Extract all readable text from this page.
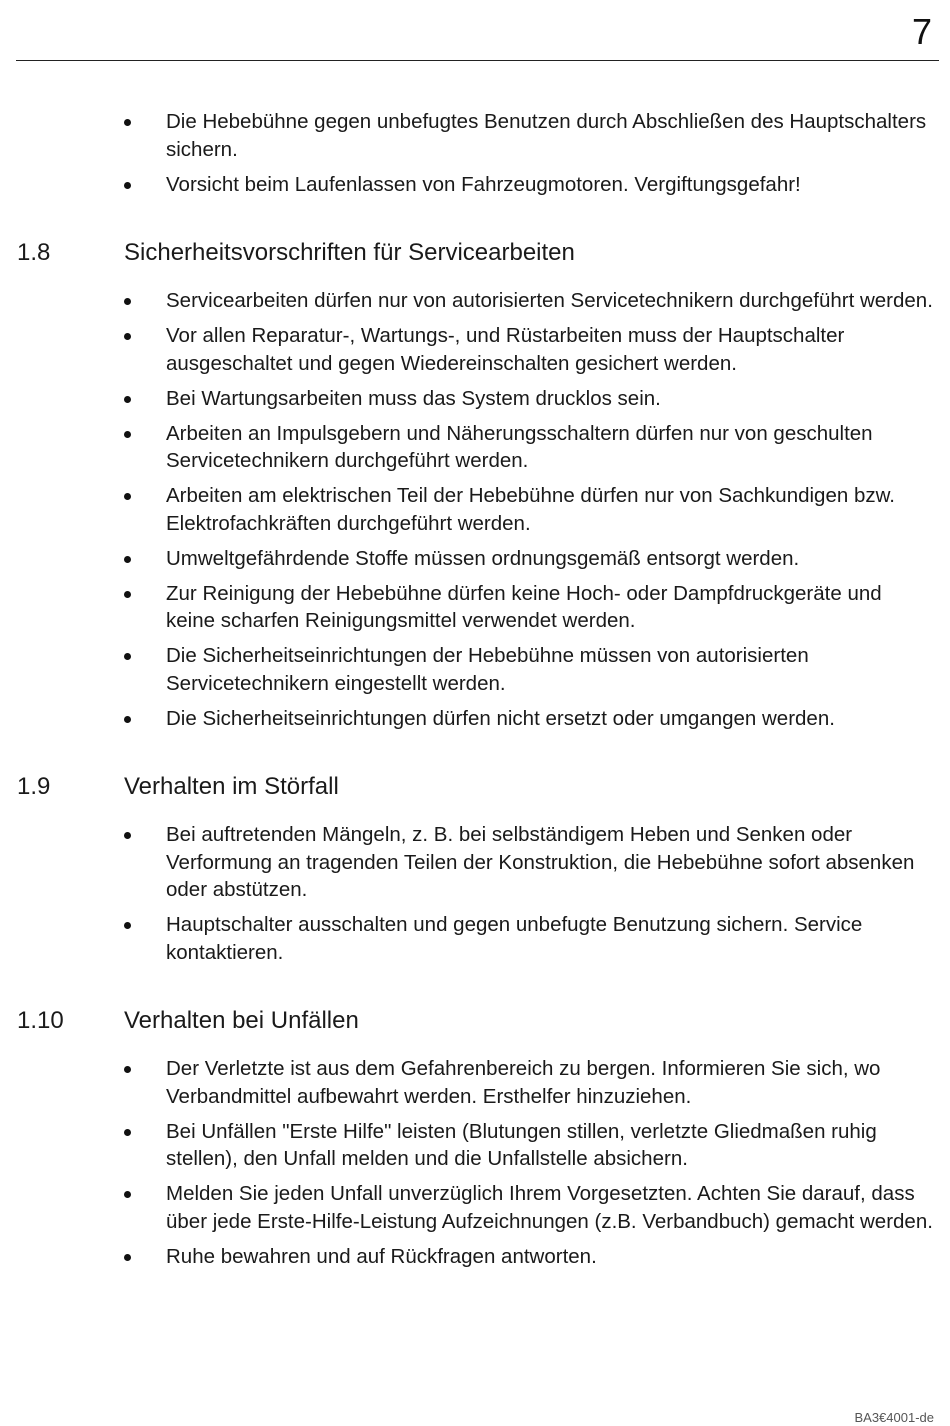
7
Die Hebebühne gegen unbefugtes Benutzen durch Abschließen des Hauptschalters sichern.
Vorsicht beim Laufenlassen von Fahrzeugmotoren. Vergiftungsgefahr!
1.8	Sicherheitsvorschriften für Servicearbeiten
Servicearbeiten dürfen nur von autorisierten Servicetechnikern durchgeführt werden.
Vor allen Reparatur-, Wartungs-, und Rüstarbeiten muss der Hauptschalter ausgeschaltet und gegen Wiedereinschalten gesichert werden.
Bei Wartungsarbeiten muss das System drucklos sein.
Arbeiten an Impulsgebern und Näherungsschaltern dürfen nur von geschulten Servicetechnikern durchgeführt werden.
Arbeiten am elektrischen Teil der Hebebühne dürfen nur von Sachkundigen bzw. Elektrofachkräften durchgeführt werden.
Umweltgefährdende Stoffe müssen ordnungsgemäß entsorgt werden.
Zur Reinigung der Hebebühne dürfen keine Hoch- oder Dampfdruckgeräte und keine scharfen Reinigungsmittel verwendet werden.
Die Sicherheitseinrichtungen der Hebebühne müssen von autorisierten Servicetechnikern eingestellt werden.
Die Sicherheitseinrichtungen dürfen nicht ersetzt oder umgangen werden.
1.9	Verhalten im Störfall
Bei auftretenden Mängeln, z. B. bei selbständigem Heben und Senken oder Verformung an tragenden Teilen der Konstruktion, die Hebebühne sofort absenken oder abstützen.
Hauptschalter ausschalten und gegen unbefugte Benutzung sichern. Service kontaktieren.
1.10	Verhalten bei Unfällen
Der Verletzte ist aus dem Gefahrenbereich zu bergen. Informieren Sie sich, wo Verbandmittel aufbewahrt werden. Ersthelfer hinzuziehen.
Bei Unfällen "Erste Hilfe" leisten (Blutungen stillen, verletzte Gliedmaßen ruhig stellen), den Unfall melden und die Unfallstelle absichern.
Melden Sie jeden Unfall unverzüglich Ihrem Vorgesetzten. Achten Sie darauf, dass über jede Erste-Hilfe-Leistung Aufzeichnungen (z.B. Verbandbuch) gemacht werden.
Ruhe bewahren und auf Rückfragen antworten.
BA3€4001-de
